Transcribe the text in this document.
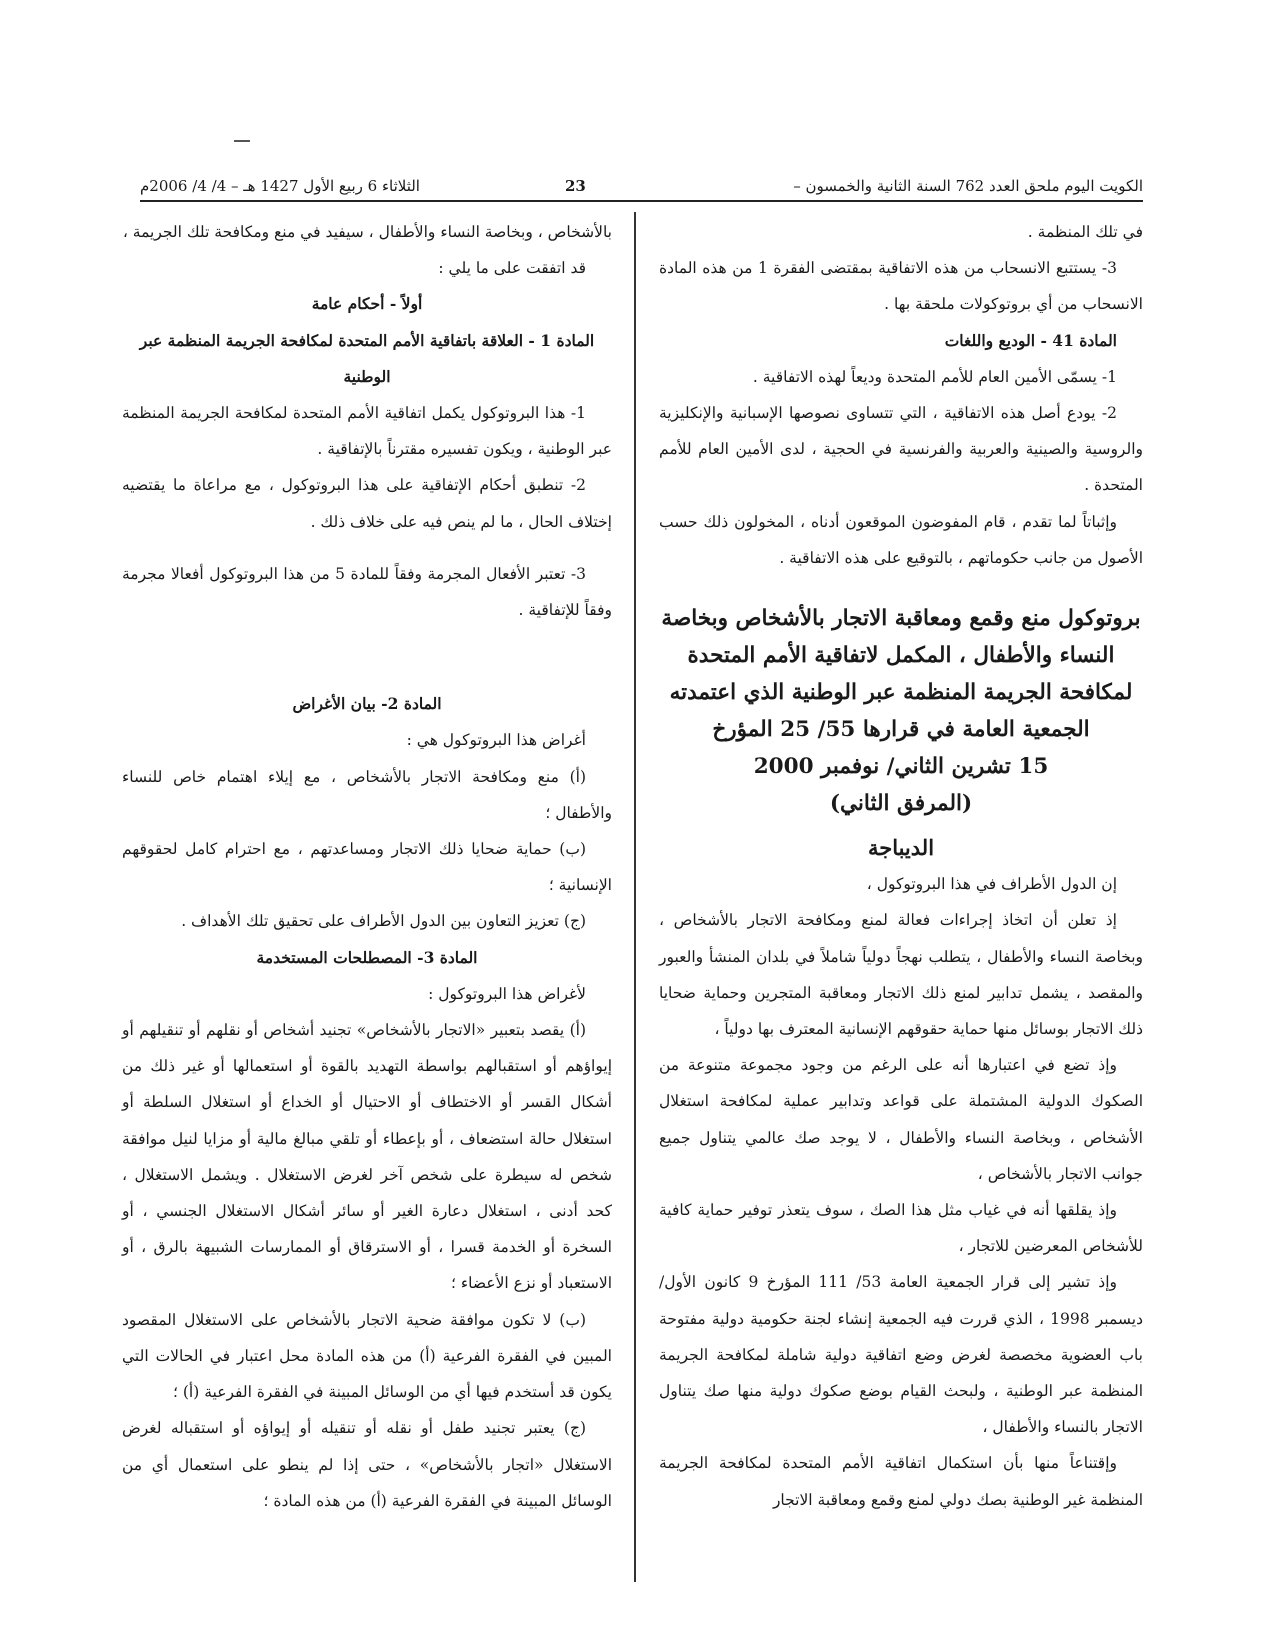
الكويت اليوم ملحق العدد 762 السنة الثانية والخمسون –
23
الثلاثاء 6 ربيع الأول 1427 هـ – 4/ 4/ 2006م

في تلك المنظمة .

3- يستتبع الانسحاب من هذه الاتفاقية بمقتضى الفقرة 1 من هذه المادة الانسحاب من أي بروتوكولات ملحقة بها .

المادة 41 - الوديع واللغات

1- يسمّى الأمين العام للأمم المتحدة وديعاً لهذه الاتفاقية .

2- يودع أصل هذه الاتفاقية ، التي تتساوى نصوصها الإسبانية والإنكليزية والروسية والصينية والعربية والفرنسية في الحجية ، لدى الأمين العام للأمم المتحدة .

وإثباتاً لما تقدم ، قام المفوضون الموقعون أدناه ، المخولون ذلك حسب الأصول من جانب حكوماتهم ، بالتوقيع على هذه الاتفاقية .

بروتوكول منع وقمع ومعاقبة الاتجار بالأشخاص وبخاصة النساء والأطفال ، المكمل لاتفاقية الأمم المتحدة لمكافحة الجريمة المنظمة عبر الوطنية الذي اعتمدته الجمعية العامة في قرارها 55/ 25 المؤرخ
15 تشرين الثاني/ نوفمبر 2000
(المرفق الثاني)

الديباجة

إن الدول الأطراف في هذا البروتوكول ،

إذ تعلن أن اتخاذ إجراءات فعالة لمنع ومكافحة الاتجار بالأشخاص ، وبخاصة النساء والأطفال ، يتطلب نهجاً دولياً شاملاً في بلدان المنشأ والعبور والمقصد ، يشمل تدابير لمنع ذلك الاتجار ومعاقبة المتجرين وحماية ضحايا ذلك الاتجار بوسائل منها حماية حقوقهم الإنسانية المعترف بها دولياً ،

وإذ تضع في اعتبارها أنه على الرغم من وجود مجموعة متنوعة من الصكوك الدولية المشتملة على قواعد وتدابير عملية لمكافحة استغلال الأشخاص ، وبخاصة النساء والأطفال ، لا يوجد صك عالمي يتناول جميع جوانب الاتجار بالأشخاص ،

وإذ يقلقها أنه في غياب مثل هذا الصك ، سوف يتعذر توفير حماية كافية للأشخاص المعرضين للاتجار ،

وإذ تشير إلى قرار الجمعية العامة 53/ 111 المؤرخ 9 كانون الأول/ ديسمبر 1998 ، الذي قررت فيه الجمعية إنشاء لجنة حكومية دولية مفتوحة باب العضوية مخصصة لغرض وضع اتفاقية دولية شاملة لمكافحة الجريمة المنظمة عبر الوطنية ، ولبحث القيام بوضع صكوك دولية منها صك يتناول الاتجار بالنساء والأطفال ،

وإقتناعاً منها بأن استكمال اتفاقية الأمم المتحدة لمكافحة الجريمة المنظمة غير الوطنية بصك دولي لمنع وقمع ومعاقبة الاتجار

بالأشخاص ، وبخاصة النساء والأطفال ، سيفيد في منع ومكافحة تلك الجريمة ،

قد اتفقت على ما يلي :

أولاً - أحكام عامة

المادة 1 - العلاقة باتفاقية الأمم المتحدة لمكافحة الجريمة المنظمة عبر الوطنية

1- هذا البروتوكول يكمل اتفاقية الأمم المتحدة لمكافحة الجريمة المنظمة عبر الوطنية ، ويكون تفسيره مقترناً بالإتفاقية .

2- تنطبق أحكام الإتفاقية على هذا البروتوكول ، مع مراعاة ما يقتضيه إختلاف الحال ، ما لم ينص فيه على خلاف ذلك .

3- تعتبر الأفعال المجرمة وفقاً للمادة 5 من هذا البروتوكول أفعالا مجرمة وفقاً للإتفاقية .

المادة 2- بيان الأغراض

أغراض هذا البروتوكول هي :

(أ) منع ومكافحة الاتجار بالأشخاص ، مع إيلاء اهتمام خاص للنساء والأطفال ؛

(ب) حماية ضحايا ذلك الاتجار ومساعدتهم ، مع احترام كامل لحقوقهم الإنسانية ؛

(ج) تعزيز التعاون بين الدول الأطراف على تحقيق تلك الأهداف .

المادة 3- المصطلحات المستخدمة

لأغراض هذا البروتوكول :

(أ) يقصد بتعبير «الاتجار بالأشخاص» تجنيد أشخاص أو نقلهم أو تنقيلهم أو إيواؤهم أو استقبالهم بواسطة التهديد بالقوة أو استعمالها أو غير ذلك من أشكال القسر أو الاختطاف أو الاحتيال أو الخداع أو استغلال السلطة أو استغلال حالة استضعاف ، أو بإعطاء أو تلقي مبالغ مالية أو مزايا لنيل موافقة شخص له سيطرة على شخص آخر لغرض الاستغلال . ويشمل الاستغلال ، كحد أدنى ، استغلال دعارة الغير أو سائر أشكال الاستغلال الجنسي ، أو السخرة أو الخدمة قسرا ، أو الاسترقاق أو الممارسات الشبيهة بالرق ، أو الاستعباد أو نزع الأعضاء ؛

(ب) لا تكون موافقة ضحية الاتجار بالأشخاص على الاستغلال المقصود المبين في الفقرة الفرعية (أ) من هذه المادة محل اعتبار في الحالات التي يكون قد أستخدم فيها أي من الوسائل المبينة في الفقرة الفرعية (أ) ؛

(ج) يعتبر تجنيد طفل أو نقله أو تنقيله أو إيواؤه أو استقباله لغرض الاستغلال «اتجار بالأشخاص» ، حتى إذا لم ينطو على استعمال أي من الوسائل المبينة في الفقرة الفرعية (أ) من هذه المادة ؛
